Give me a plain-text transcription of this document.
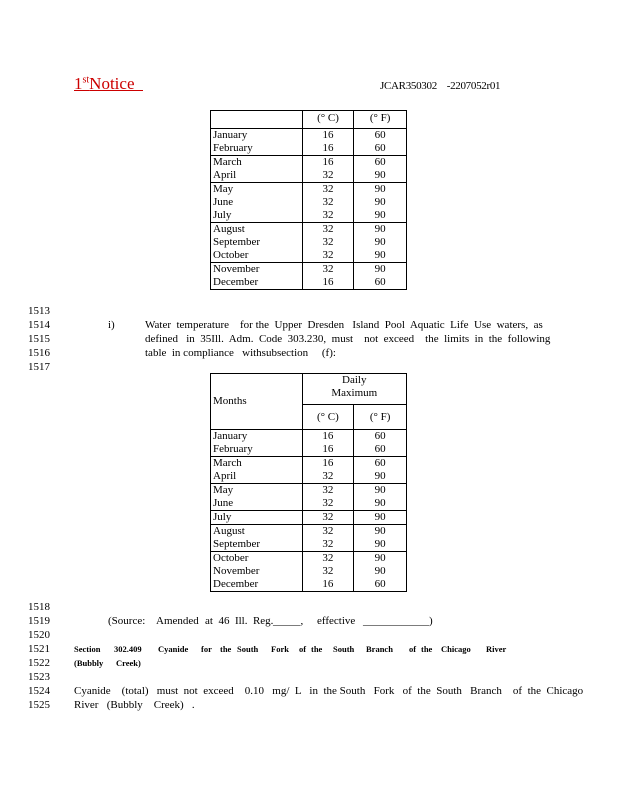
1stNotice	JCAR350302 -2207052r01
	(° C)	(° F)
January	16	60
February	16	60
March	16	60
April	32	90
May	32	90
June	32	90
July	32	90
August	32	90
September	32	90
October	32	90
November	32	90
December	16	60
1513
1514
1515
1516
1517
1518
1519
1520
1521
1522
1523
1524
1525
i)	Water  temperature    for the  Upper  Dresden   Island  Pool  Aquatic  Life  Use  waters,  as
defined   in  35Ill.  Adm.  Code  303.230,  must    not  exceed    the  limits  in  the  following
table  in compliance   withsubsection     (f):
Months	Daily
Maximum	
	(° C)	(° F)
January	16	60
February	16	60
March	16	60
April	32	90
May	32	90
June	32	90
July	32	90
August	32	90
September	32	90
October	32	90
November	32	90
December	16	60
(Source: Amended at  46  Ill.  Reg. _____, effective ____________)
Section 302.409 Cyanide for the South Fork of the South Branch of the Chicago River
(Bubbly Creek)
Cyanide    (total)   must  not  exceed    0.10   mg/  L   in  the South   Fork   of  the  South   Branch    of  the  Chicago
River   (Bubbly    Creek)   .
